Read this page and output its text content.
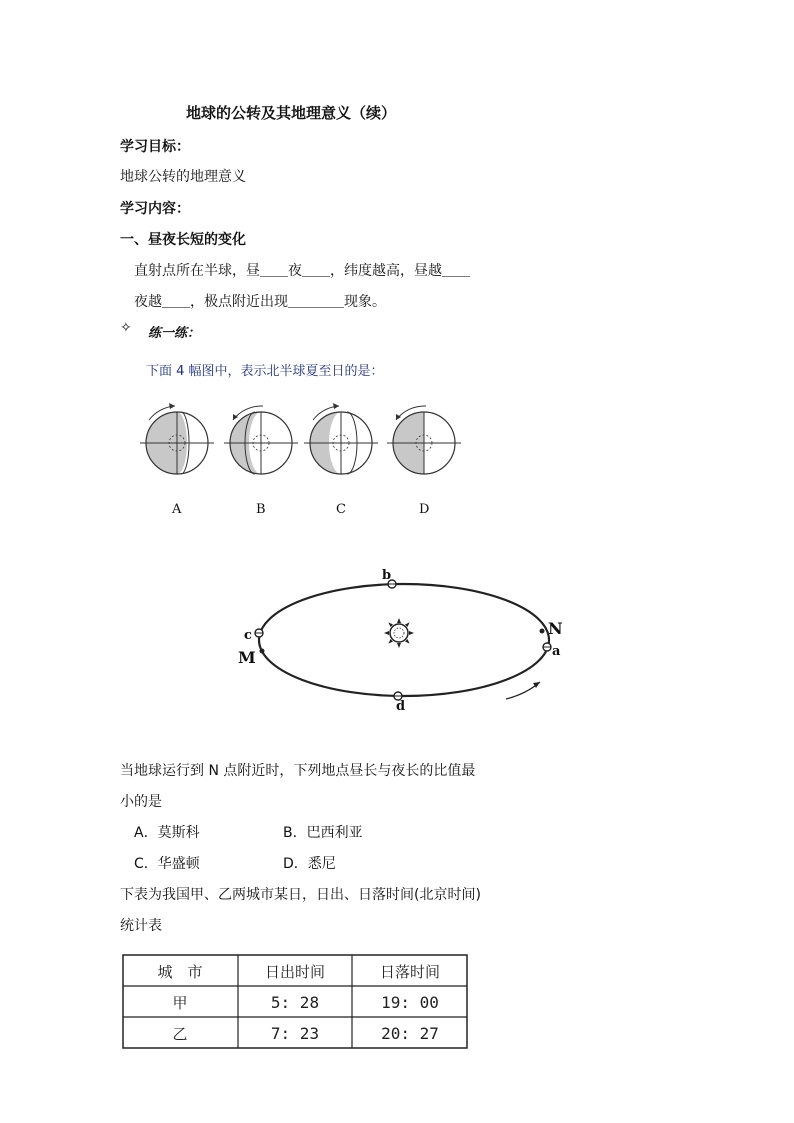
地球的公转及其地理意义（续）
学习目标：
地球公转的地理意义
学习内容：
一、昼夜长短的变化
直射点所在半球，昼＿＿夜＿＿，纬度越高，昼越＿＿
夜越＿＿，极点附近出现＿＿＿＿现象。
✧ 练一练：
下面 4 幅图中，表示北半球夏至日的是：
A	B	C	D
b
d
c
a
N
M
当地球运行到 N 点附近时，下列地点昼长与夜长的比值最
小的是
A．莫斯科	B．巴西利亚
C．华盛顿	D．悉尼
下表为我国甲、乙两城市某日，日出、日落时间(北京时间)
统计表
城　市	日出时间	日落时间
甲	5: 28	19: 00
乙	7: 23	20: 27
